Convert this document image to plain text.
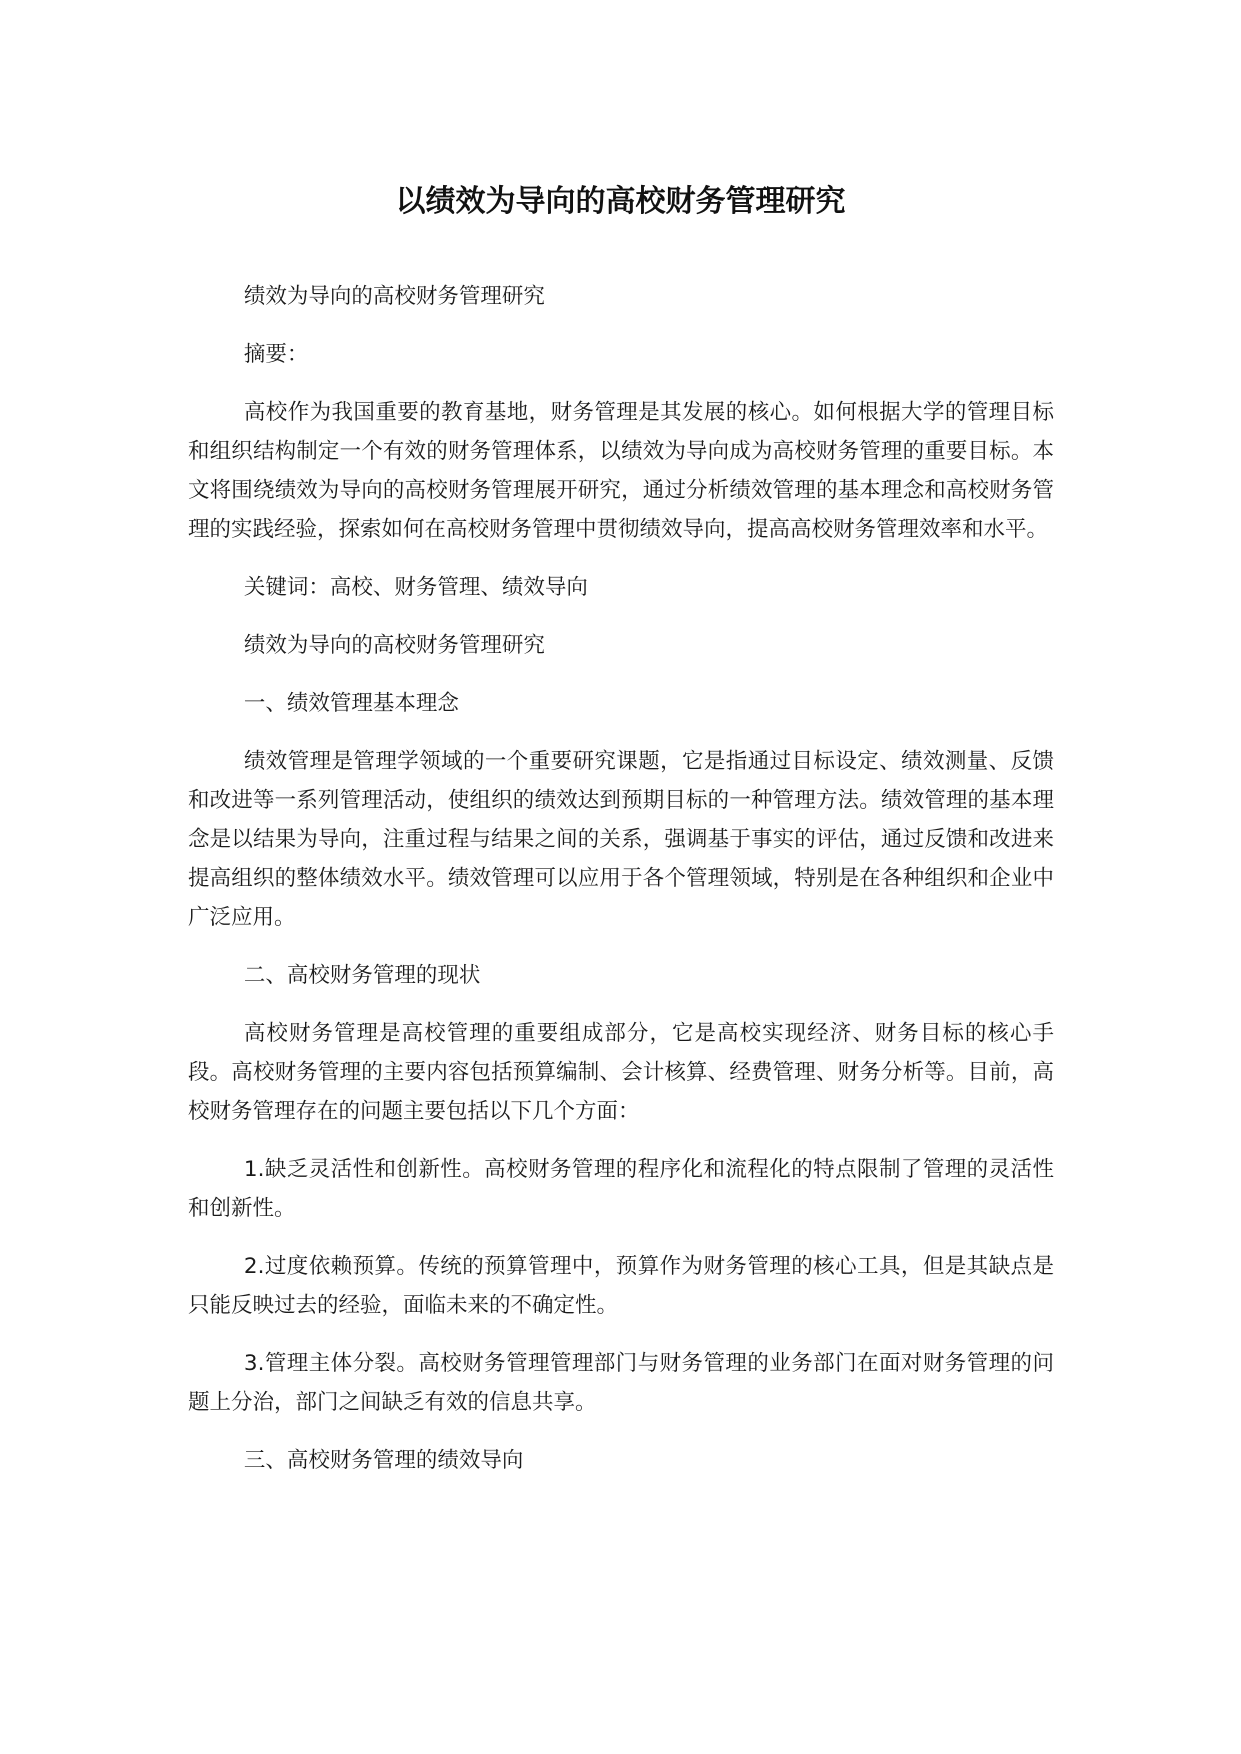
以绩效为导向的高校财务管理研究

绩效为导向的高校财务管理研究

摘要：

高校作为我国重要的教育基地，财务管理是其发展的核心。如何根据大学的管理目标和组织结构制定一个有效的财务管理体系，以绩效为导向成为高校财务管理的重要目标。本文将围绕绩效为导向的高校财务管理展开研究，通过分析绩效管理的基本理念和高校财务管理的实践经验，探索如何在高校财务管理中贯彻绩效导向，提高高校财务管理效率和水平。

关键词：高校、财务管理、绩效导向

绩效为导向的高校财务管理研究

一、绩效管理基本理念

绩效管理是管理学领域的一个重要研究课题，它是指通过目标设定、绩效测量、反馈和改进等一系列管理活动，使组织的绩效达到预期目标的一种管理方法。绩效管理的基本理念是以结果为导向，注重过程与结果之间的关系，强调基于事实的评估，通过反馈和改进来提高组织的整体绩效水平。绩效管理可以应用于各个管理领域，特别是在各种组织和企业中广泛应用。

二、高校财务管理的现状

高校财务管理是高校管理的重要组成部分，它是高校实现经济、财务目标的核心手段。高校财务管理的主要内容包括预算编制、会计核算、经费管理、财务分析等。目前，高校财务管理存在的问题主要包括以下几个方面：

1.缺乏灵活性和创新性。高校财务管理的程序化和流程化的特点限制了管理的灵活性和创新性。

2.过度依赖预算。传统的预算管理中，预算作为财务管理的核心工具，但是其缺点是只能反映过去的经验，面临未来的不确定性。

3.管理主体分裂。高校财务管理管理部门与财务管理的业务部门在面对财务管理的问题上分治，部门之间缺乏有效的信息共享。

三、高校财务管理的绩效导向
